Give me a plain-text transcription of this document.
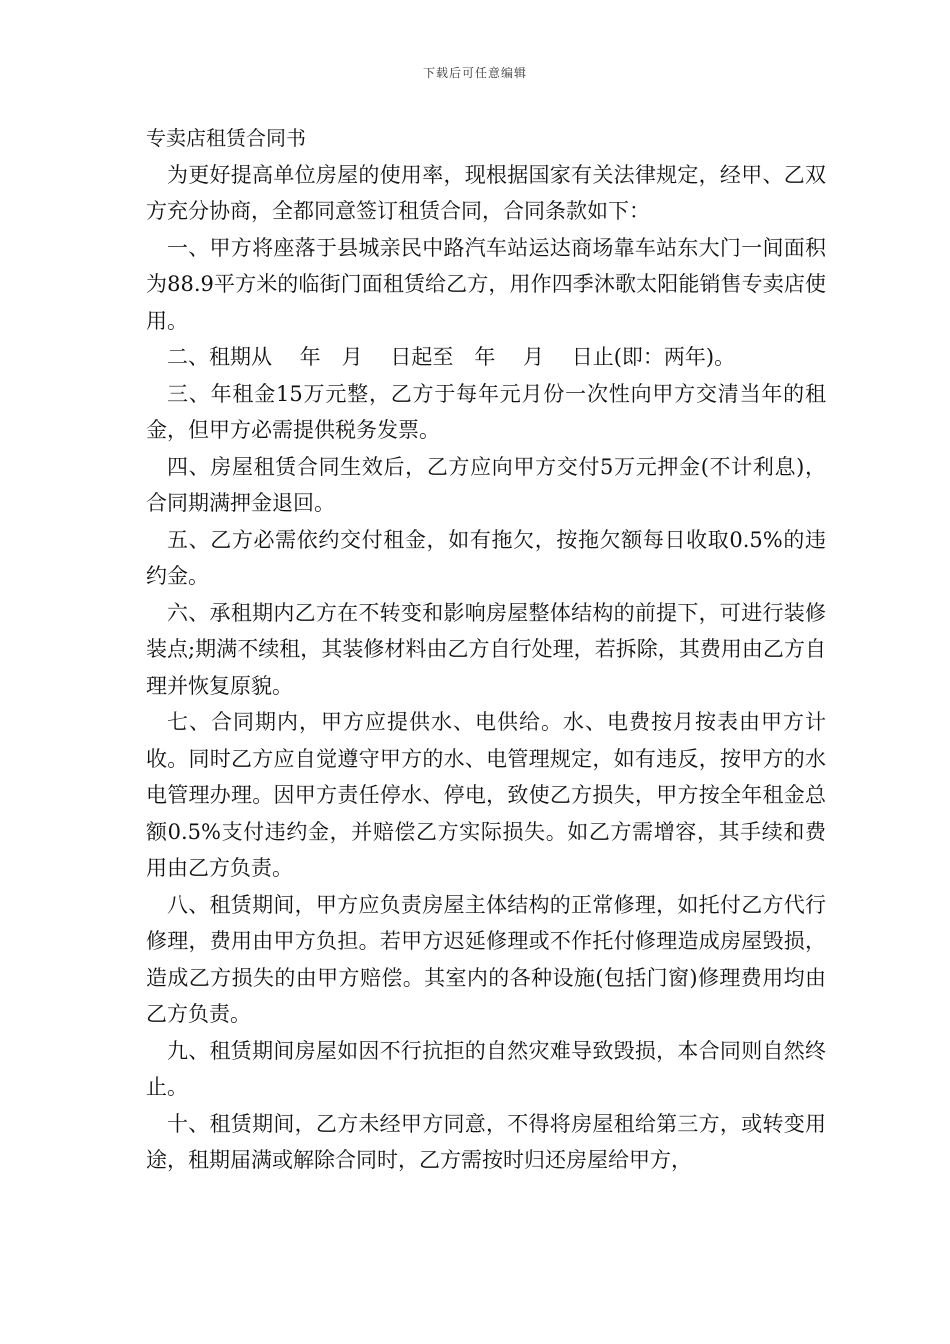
下载后可任意编辑
专卖店租赁合同书

为更好提高单位房屋的使用率，现根据国家有关法律规定，经甲、乙双方充分协商，全都同意签订租赁合同，合同条款如下：

一、甲方将座落于县城亲民中路汽车站运达商场靠车站东大门一间面积为88.9平方米的临街门面租赁给乙方，用作四季沐歌太阳能销售专卖店使用。

二、租期从　 年　月　 日起至　年　 月　 日止(即：两年)。

三、年租金15万元整，乙方于每年元月份一次性向甲方交清当年的租金，但甲方必需提供税务发票。

四、房屋租赁合同生效后，乙方应向甲方交付5万元押金(不计利息)，合同期满押金退回。

五、乙方必需依约交付租金，如有拖欠，按拖欠额每日收取0.5%的违约金。

六、承租期内乙方在不转变和影响房屋整体结构的前提下，可进行装修装点;期满不续租，其装修材料由乙方自行处理，若拆除，其费用由乙方自理并恢复原貌。

七、合同期内，甲方应提供水、电供给。水、电费按月按表由甲方计收。同时乙方应自觉遵守甲方的水、电管理规定，如有违反，按甲方的水电管理办理。因甲方责任停水、停电，致使乙方损失，甲方按全年租金总额0.5%支付违约金，并赔偿乙方实际损失。如乙方需增容，其手续和费用由乙方负责。

八、租赁期间，甲方应负责房屋主体结构的正常修理，如托付乙方代行修理，费用由甲方负担。若甲方迟延修理或不作托付修理造成房屋毁损，造成乙方损失的由甲方赔偿。其室内的各种设施(包括门窗)修理费用均由乙方负责。

九、租赁期间房屋如因不行抗拒的自然灾难导致毁损，本合同则自然终止。

十、租赁期间，乙方未经甲方同意，不得将房屋租给第三方，或转变用途，租期届满或解除合同时，乙方需按时归还房屋给甲方，
